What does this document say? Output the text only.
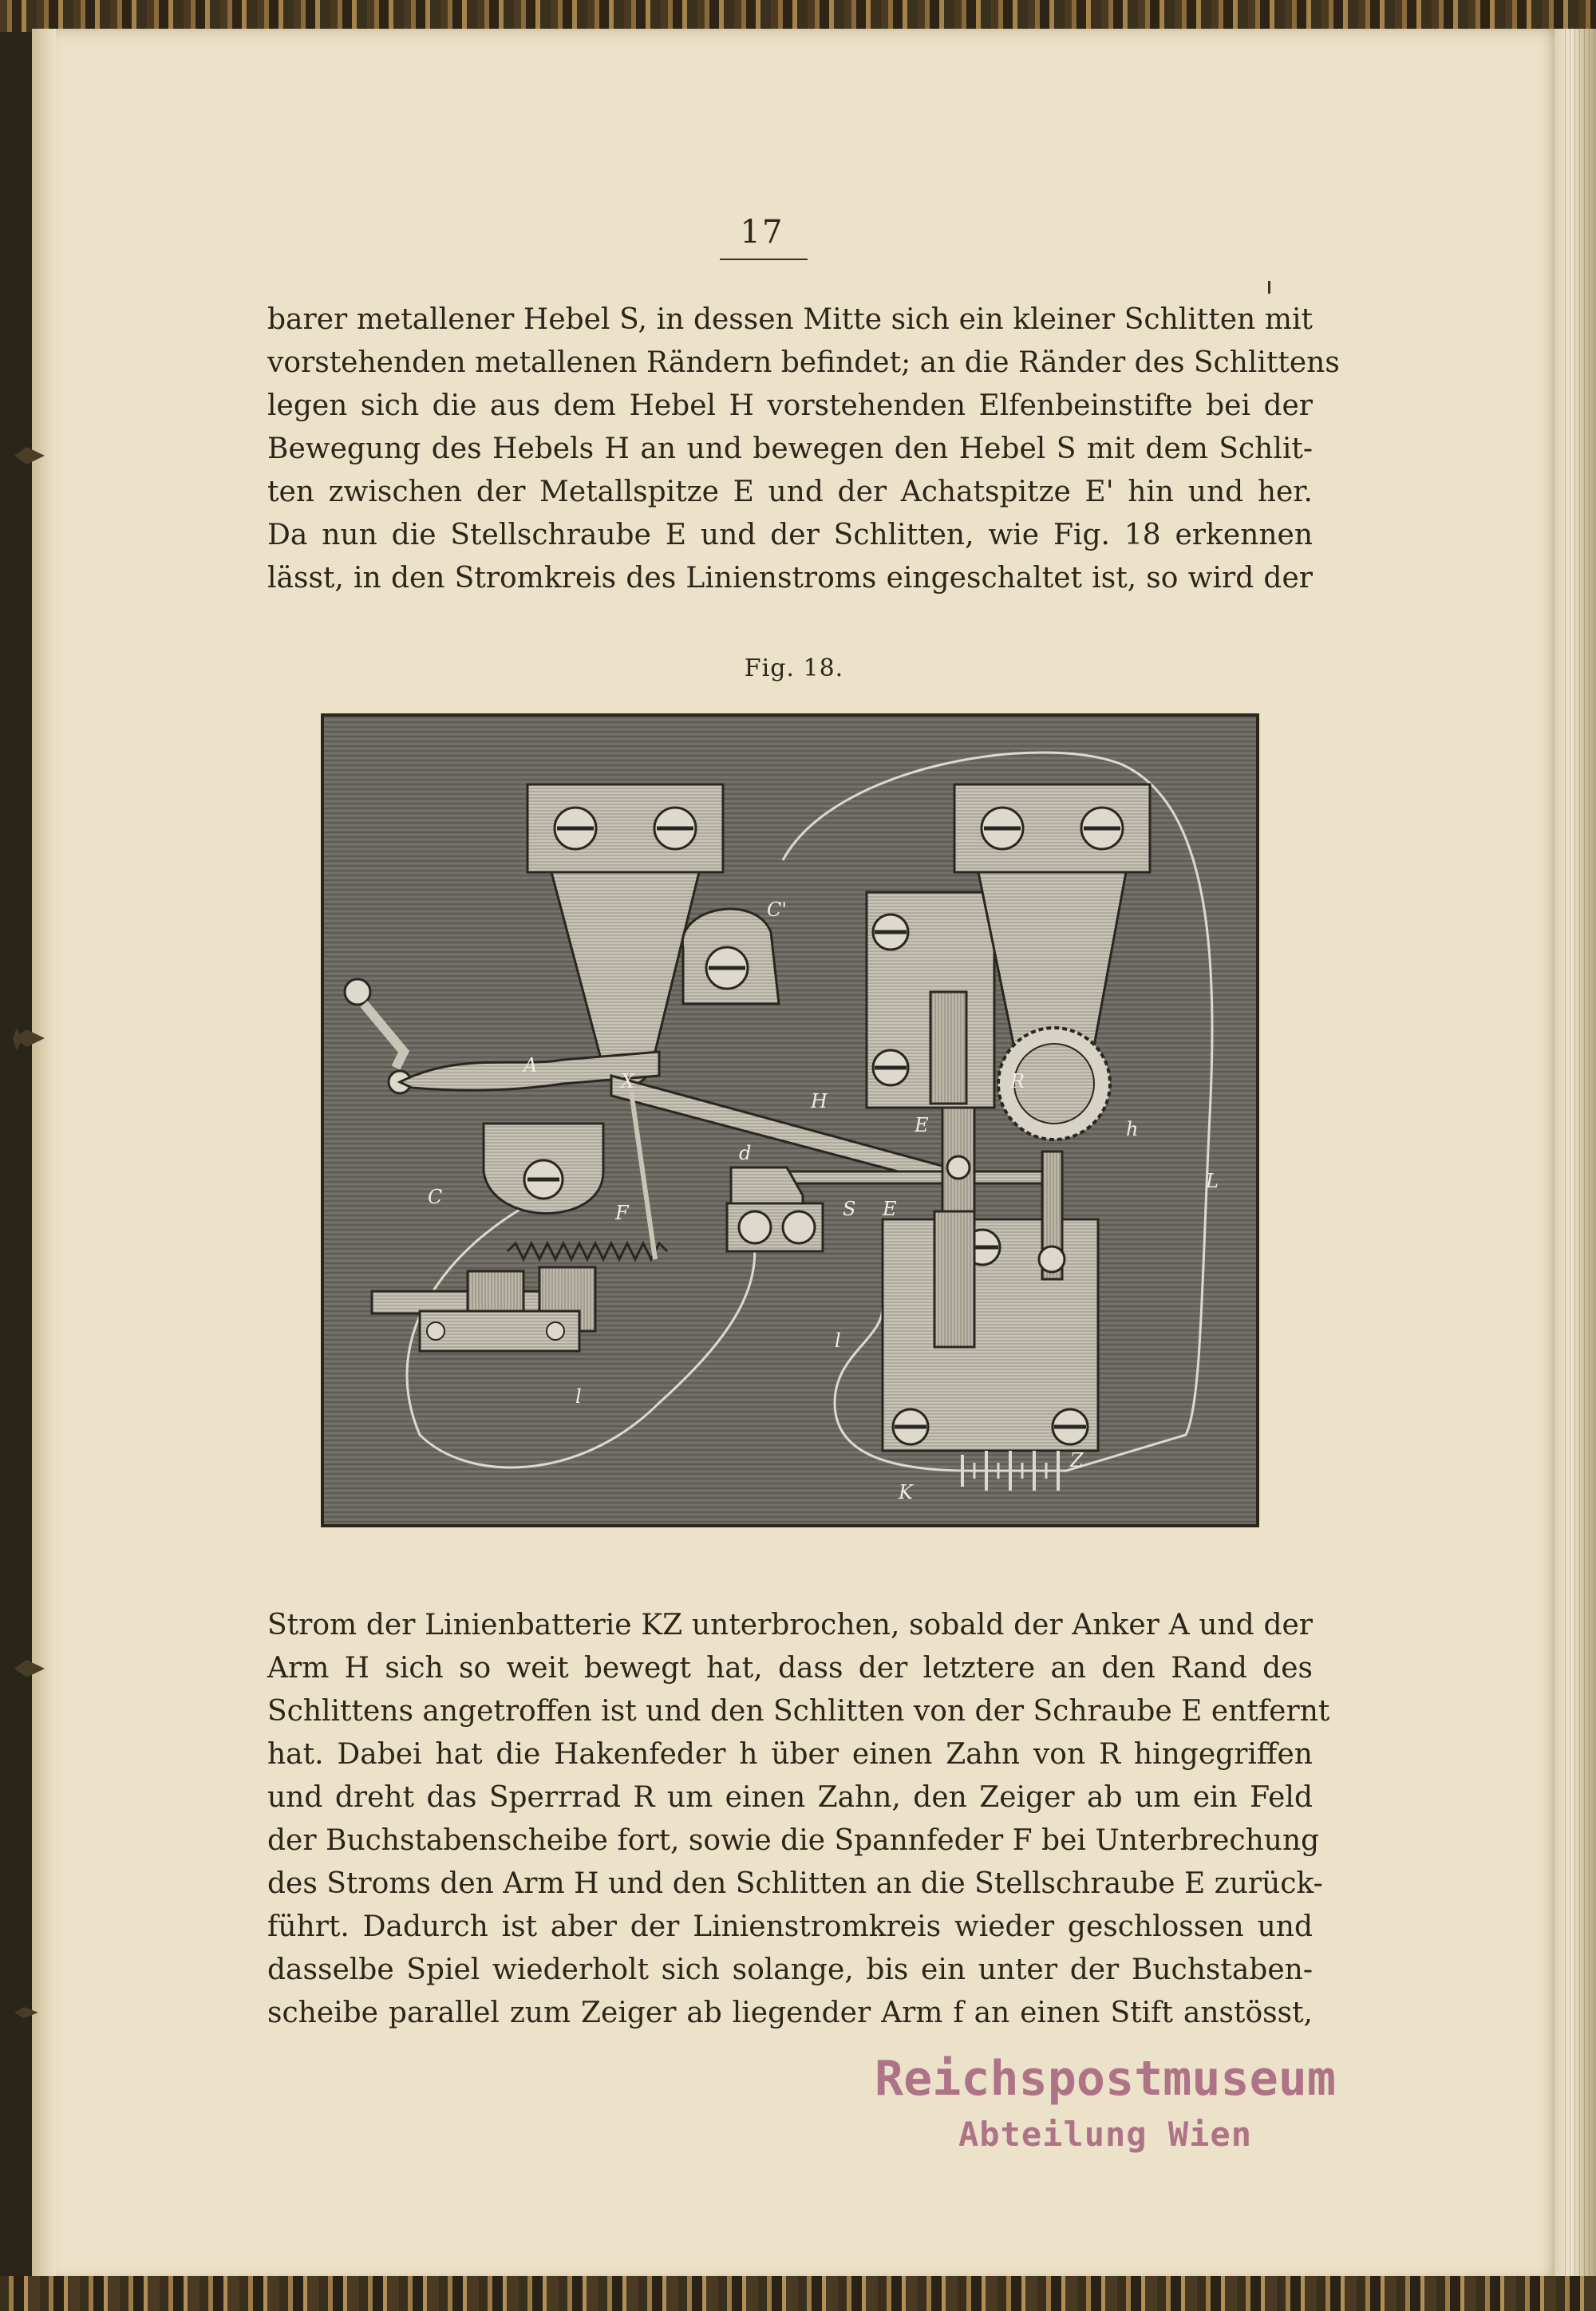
17
barer metallener Hebel S, in dessen Mitte sich ein kleiner Schlitten mit
vorstehenden metallenen Rändern befindet; an die Ränder des Schlittens
legen sich die aus dem Hebel H vorstehenden Elfenbeinstifte bei der
Bewegung des Hebels H an und bewegen den Hebel S mit dem Schlit-
ten zwischen der Metallspitze E und der Achatspitze E' hin und her.
Da nun die Stellschraube E und der Schlitten, wie Fig. 18 erkennen
lässt, in den Stromkreis des Linienstroms eingeschaltet ist, so wird der
Fig. 18.
A
X
H
C
C'
d
S
E
E
F
R
h
L
l
l
K
Z
Strom der Linienbatterie KZ unterbrochen, sobald der Anker A und der
Arm H sich so weit bewegt hat, dass der letztere an den Rand des
Schlittens angetroffen ist und den Schlitten von der Schraube E entfernt
hat. Dabei hat die Hakenfeder h über einen Zahn von R hingegriffen
und dreht das Sperrrad R um einen Zahn, den Zeiger ab um ein Feld
der Buchstabenscheibe fort, sowie die Spannfeder F bei Unterbrechung
des Stroms den Arm H und den Schlitten an die Stellschraube E zurück-
führt. Dadurch ist aber der Linienstromkreis wieder geschlossen und
dasselbe Spiel wiederholt sich solange, bis ein unter der Buchstaben-
scheibe parallel zum Zeiger ab liegender Arm f an einen Stift anstösst,
Reichspostmuseum
Abteilung Wien
